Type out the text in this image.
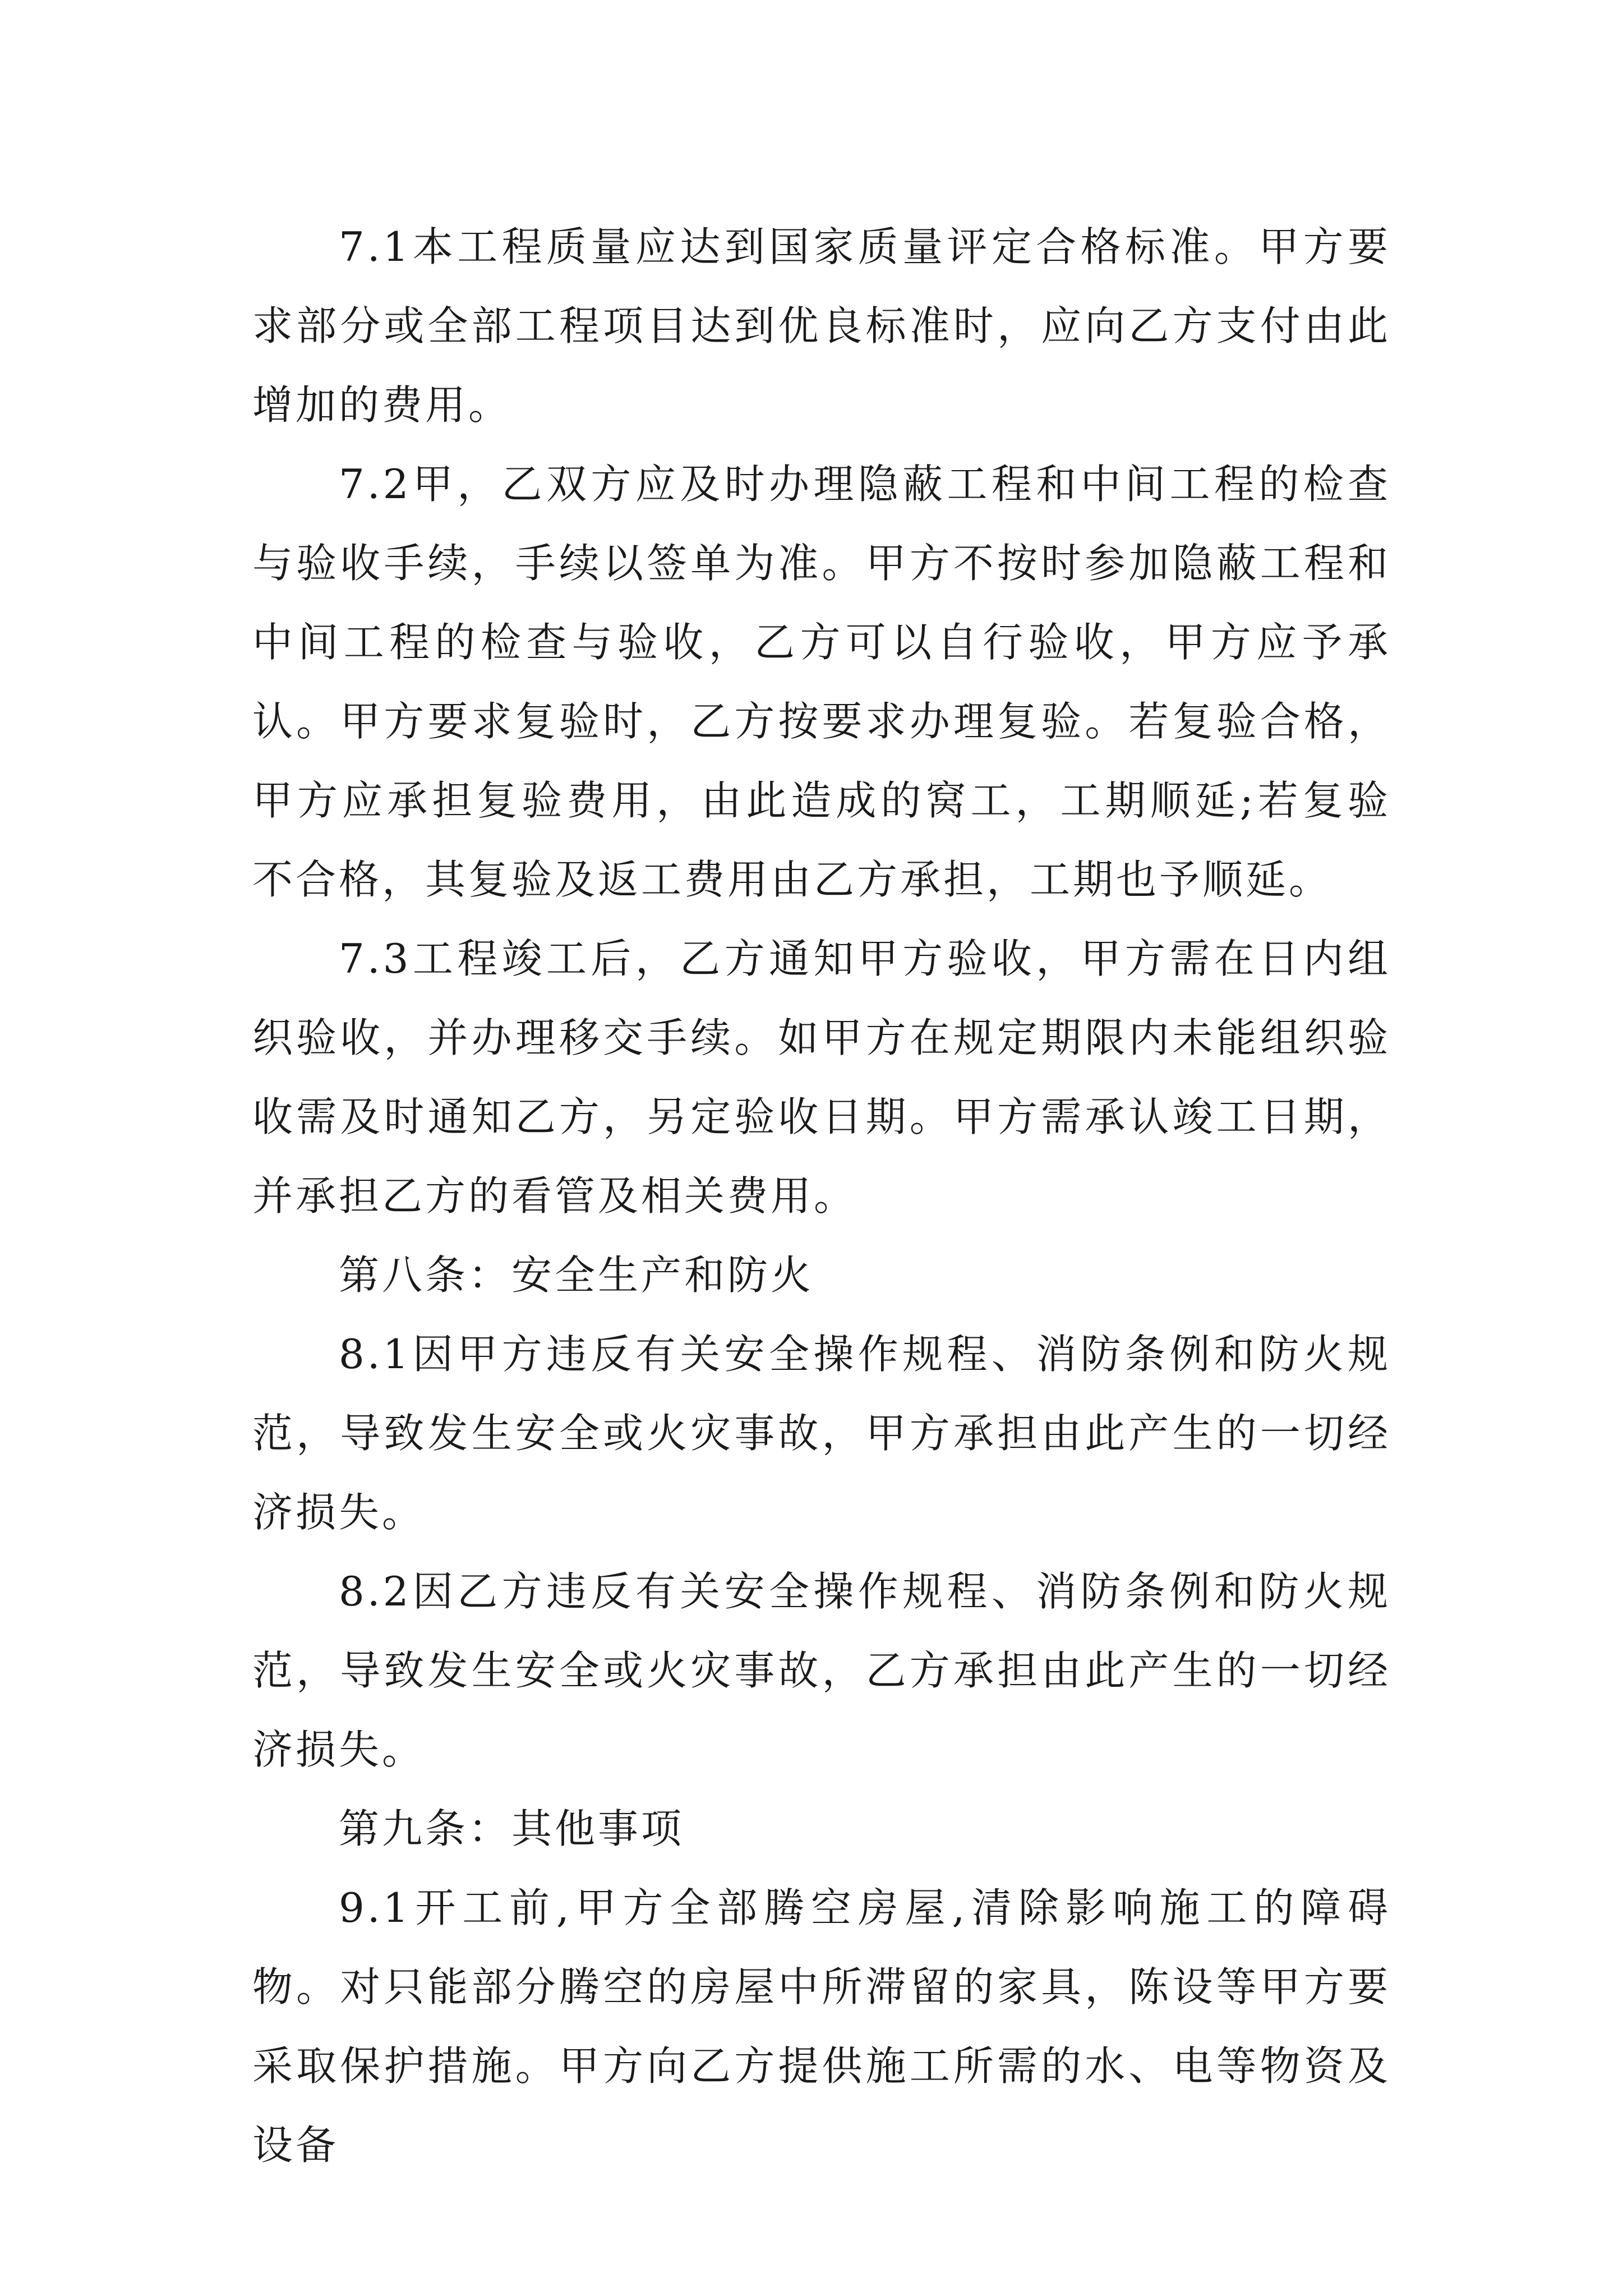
7.1本工程质量应达到国家质量评定合格标准。甲方要求部分或全部工程项目达到优良标准时，应向乙方支付由此增加的费用。

7.2甲，乙双方应及时办理隐蔽工程和中间工程的检查与验收手续，手续以签单为准。甲方不按时参加隐蔽工程和中间工程的检查与验收，乙方可以自行验收，甲方应予承认。甲方要求复验时，乙方按要求办理复验。若复验合格，甲方应承担复验费用，由此造成的窝工，工期顺延;若复验不合格，其复验及返工费用由乙方承担，工期也予顺延。

7.3工程竣工后，乙方通知甲方验收，甲方需在日内组织验收，并办理移交手续。如甲方在规定期限内未能组织验收需及时通知乙方，另定验收日期。甲方需承认竣工日期，并承担乙方的看管及相关费用。

第八条：安全生产和防火

8.1因甲方违反有关安全操作规程、消防条例和防火规范，导致发生安全或火灾事故，甲方承担由此产生的一切经济损失。

8.2因乙方违反有关安全操作规程、消防条例和防火规范，导致发生安全或火灾事故，乙方承担由此产生的一切经济损失。

第九条：其他事项

9.1开工前,甲方全部腾空房屋,清除影响施工的障碍物。对只能部分腾空的房屋中所滞留的家具，陈设等甲方要采取保护措施。甲方向乙方提供施工所需的水、电等物资及设备
